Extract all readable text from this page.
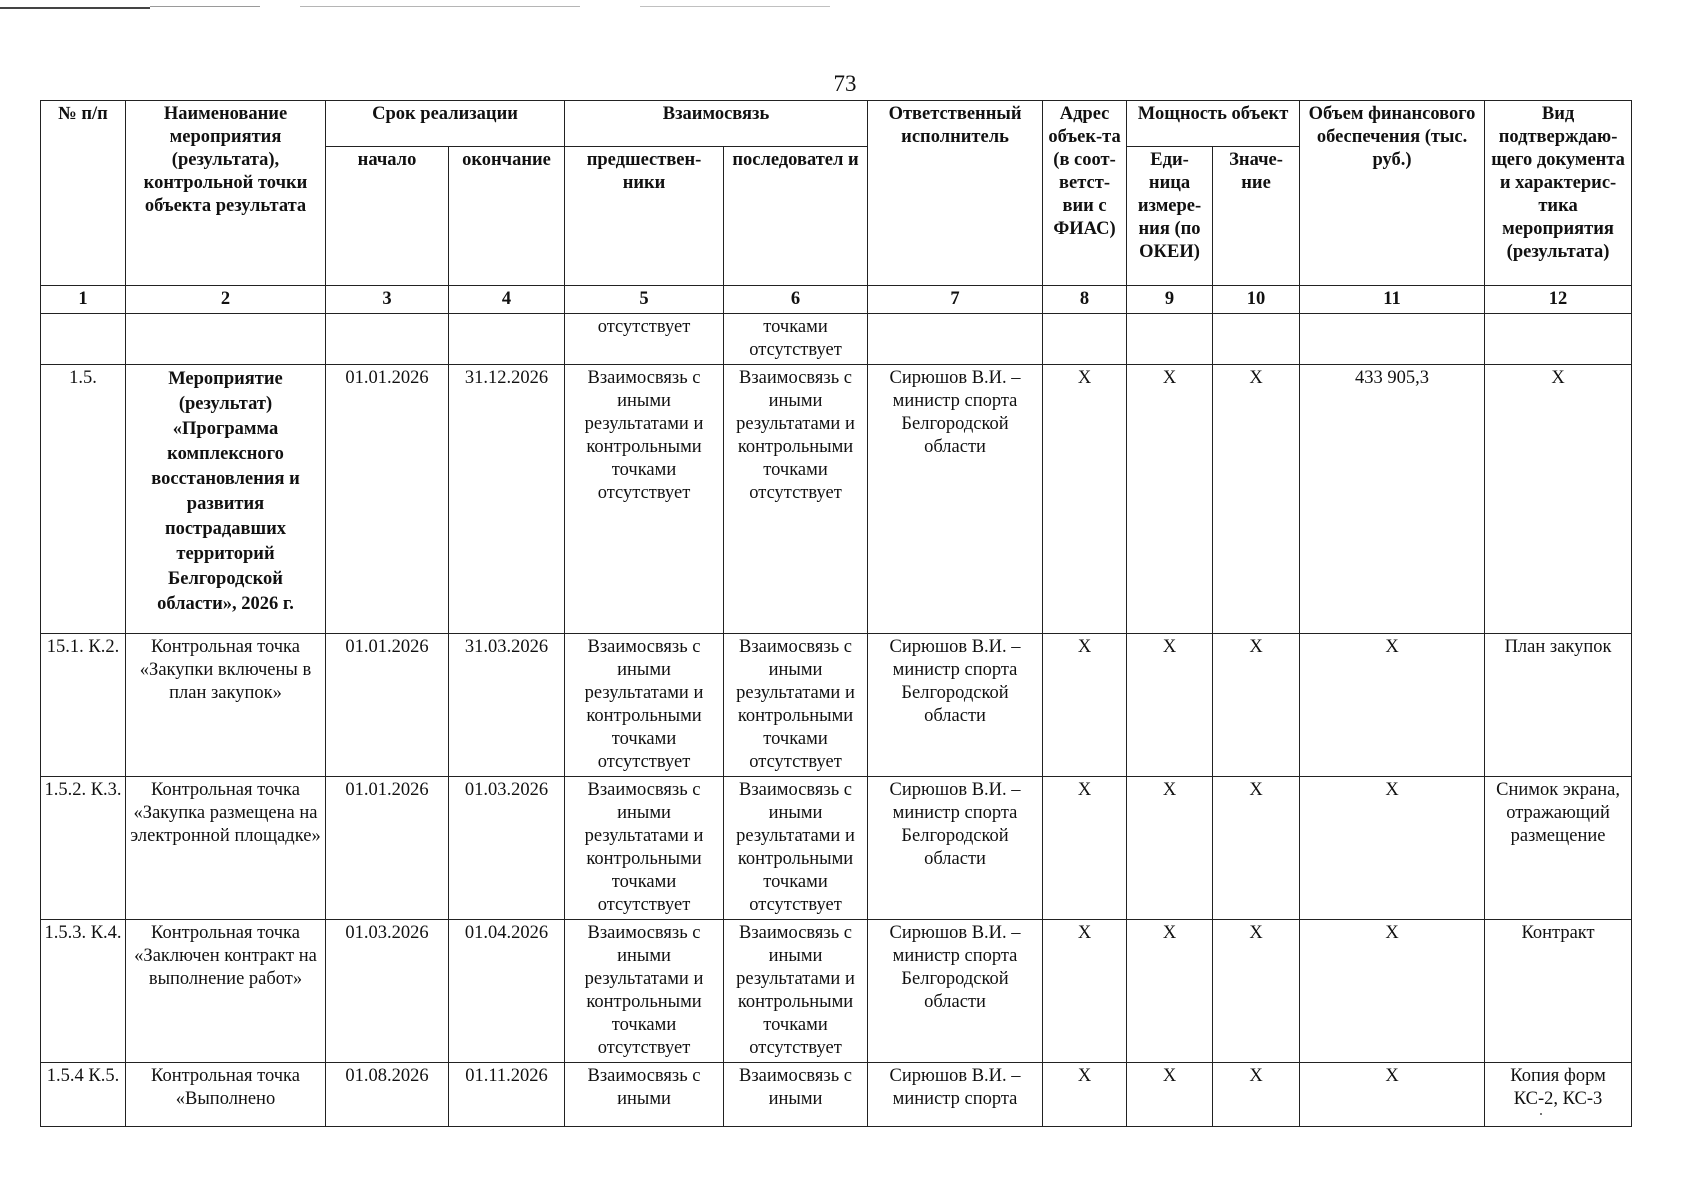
73
№ п/п	Наименование мероприятия (результата), контрольной точки объекта результата	Срок реализации		Взаимосвязь		Ответственный исполнитель	Адрес объек-та (в соот-ветст-вии с ФИАС)	Мощность объект		Объем финансового обеспечения (тыс. руб.)	Вид подтверждаю-щего документа и характерис-тика мероприятия (результата)
		начало	окончание	предшествен-ники	последовател и			Еди-ница измере-ния (по ОКЕИ)	Значе-ние		
1	2	3	4	5	6	7	8	9	10	11	12
				отсутствует	точками отсутствует						
1.5.	Мероприятие (результат) «Программа комплексного восстановления и развития пострадавших территорий Белгородской области», 2026 г.	01.01.2026	31.12.2026	Взаимосвязь с иными результатами и контрольными точками отсутствует	Взаимосвязь с иными результатами и контрольными точками отсутствует	Сирюшов В.И. – министр спорта Белгородской области	X	X	X	433 905,3	X
15.1. К.2.	Контрольная точка «Закупки включены в план закупок»	01.01.2026	31.03.2026	Взаимосвязь с иными результатами и контрольными точками отсутствует	Взаимосвязь с иными результатами и контрольными точками отсутствует	Сирюшов В.И. – министр спорта Белгородской области	X	X	X	X	План закупок
1.5.2. К.3.	Контрольная точка «Закупка размещена на электронной площадке»	01.01.2026	01.03.2026	Взаимосвязь с иными результатами и контрольными точками отсутствует	Взаимосвязь с иными результатами и контрольными точками отсутствует	Сирюшов В.И. – министр спорта Белгородской области	X	X	X	X	Снимок экрана, отражающий размещение
1.5.3. К.4.	Контрольная точка «Заключен контракт на выполнение работ»	01.03.2026	01.04.2026	Взаимосвязь с иными результатами и контрольными точками отсутствует	Взаимосвязь с иными результатами и контрольными точками отсутствует	Сирюшов В.И. – министр спорта Белгородской области	X	X	X	X	Контракт
1.5.4 К.5.	Контрольная точка «Выполнено	01.08.2026	01.11.2026	Взаимосвязь с иными	Взаимосвязь с иными	Сирюшов В.И. – министр спорта	X	X	X	X	Копия форм КС-2, КС-3
